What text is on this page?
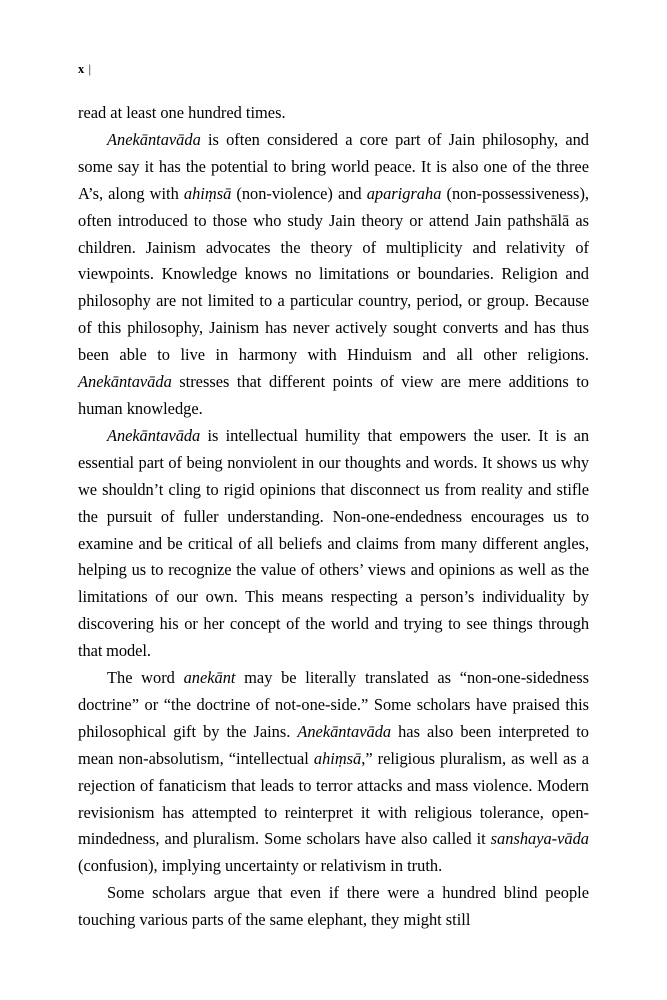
x |

read at least one hundred times.

Anekāntavāda is often considered a core part of Jain philosophy, and some say it has the potential to bring world peace. It is also one of the three A’s, along with ahiṃsā (non-violence) and aparigraha (non-possessiveness), often introduced to those who study Jain theory or attend Jain pathshālā as children. Jainism advocates the theory of multiplicity and relativity of viewpoints. Knowledge knows no limitations or boundaries. Religion and philosophy are not limited to a particular country, period, or group. Because of this philosophy, Jainism has never actively sought converts and has thus been able to live in harmony with Hinduism and all other religions. Anekāntavāda stresses that different points of view are mere additions to human knowledge.

Anekāntavāda is intellectual humility that empowers the user. It is an essential part of being nonviolent in our thoughts and words. It shows us why we shouldn’t cling to rigid opinions that disconnect us from reality and stifle the pursuit of fuller understanding. Non-one-endedness encourages us to examine and be critical of all beliefs and claims from many different angles, helping us to recognize the value of others’ views and opinions as well as the limitations of our own. This means respecting a person’s individuality by discovering his or her concept of the world and trying to see things through that model.

The word anekānt may be literally translated as “non-one-sidedness doctrine” or “the doctrine of not-one-side.” Some scholars have praised this philosophical gift by the Jains. Anekāntavāda has also been interpreted to mean non-absolutism, “intellectual ahiṃsā,” religious pluralism, as well as a rejection of fanaticism that leads to terror attacks and mass violence. Modern revisionism has attempted to reinterpret it with religious tolerance, open-mindedness, and pluralism. Some scholars have also called it sanshaya-vāda (confusion), implying uncertainty or relativism in truth.

Some scholars argue that even if there were a hundred blind people touching various parts of the same elephant, they might still
